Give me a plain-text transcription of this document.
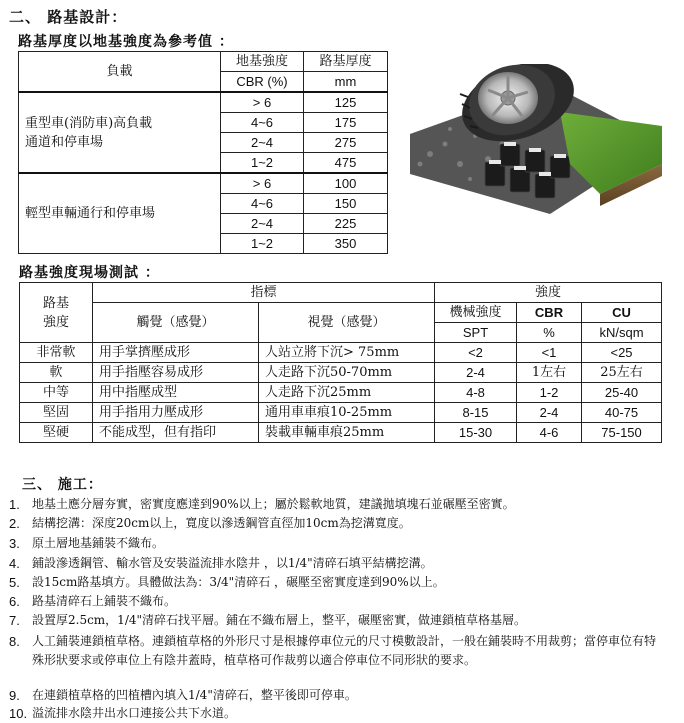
二、 路基設計：
路基厚度以地基強度為參考值 ：
負載	地基強度	路基厚度
	CBR (%)	mm
重型車(消防車)高負載
通道和停車場	> 6	125
	4~6	175
	2~4	275
	1~2	475
輕型車輛通行和停車場	> 6	100
	4~6	150
	2~4	225
	1~2	350
路基強度現場測試 ：
路基
強度	指標		強度		
	觸覺（感覺）	視覺（感覺）	機械強度	CBR	CU
			SPT	%	kN/sqm
非常軟	用手掌擠壓成形	人站立將下沉> 75mm	<2	<1	<25
軟	用手指壓容易成形	人走路下沉50-70mm	2-4	1左右	25左右
中等	用中指壓成型	人走路下沉25mm	4-8	1-2	25-40
堅固	用手指用力壓成形	通用車車痕10-25mm	8-15	2-4	40-75
堅硬	不能成型，但有指印	裝載車輛車痕25mm	15-30	4-6	75-150
三、 施工：
1. 地基土應分層夯實，密實度應達到90%以上；屬於鬆軟地質，建議拋填塊石並碾壓至密實。
2. 結構挖溝：深度20cm以上，寬度以滲透鋼管直徑加10cm為挖溝寬度。
3. 原土層地基鋪裝不織布。
4. 鋪設滲透鋼管、輸水管及安裝溢流排水陰井 ，以1/4"清碎石填平結構挖溝。
5. 設15cm路基填方。具體做法為：3/4"清碎石 ，碾壓至密實度達到90%以上。
6. 路基清碎石上鋪裝不織布。
7. 設置厚2.5cm，1/4"清碎石找平層。鋪在不織布層上，整平，碾壓密實，做連鎖植草格基層。
8. 人工鋪裝連鎖植草格。連鎖植草格的外形尺寸是根據停車位元的尺寸模數設計，一般在鋪裝時不用裁剪；當停車位有特殊形狀要求或停車位上有陰井蓋時，植草格可作裁剪以適合停車位不同形狀的要求。
9. 在連鎖植草格的凹植槽內填入1/4"清碎石，整平後即可停車。
10. 溢流排水陰井出水口連接公共下水道。
